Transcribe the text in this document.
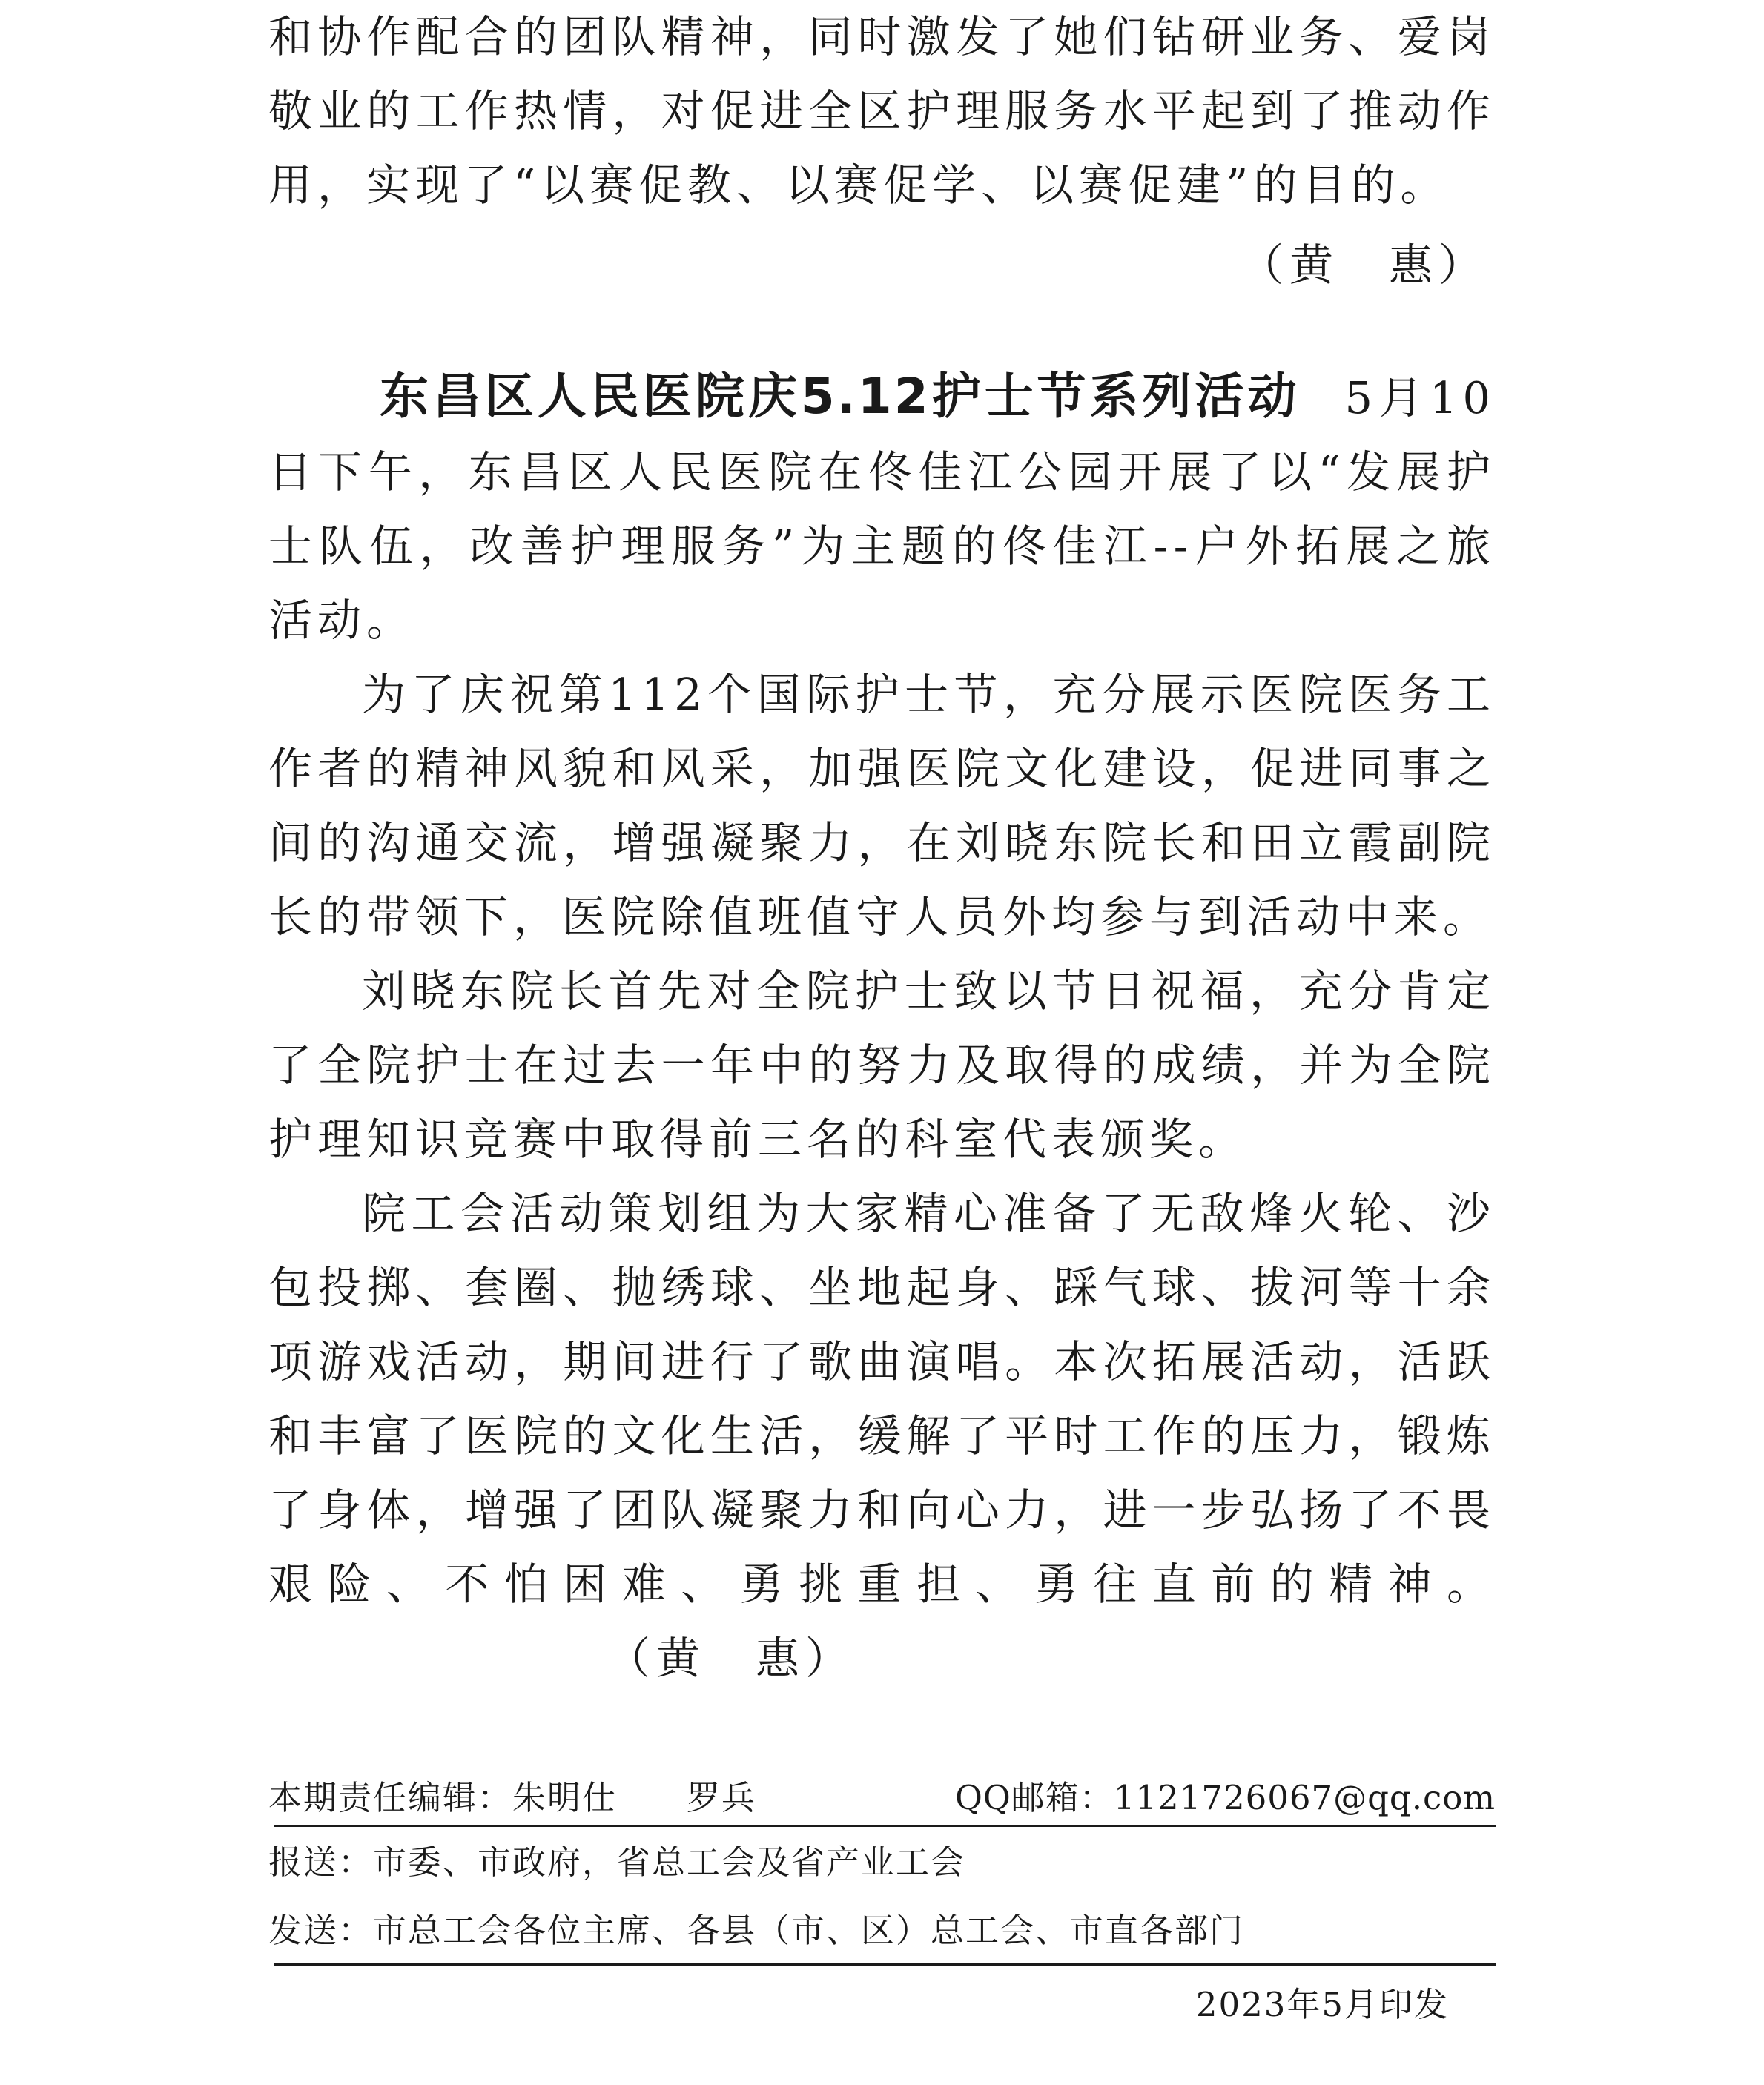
和协作配合的团队精神，同时激发了她们钻研业务、爱岗敬业的工作热情，对促进全区护理服务水平起到了推动作用，实现了“以赛促教、以赛促学、以赛促建”的目的。

（黄　惠）

东昌区人民医院庆5.12护士节系列活动 5月10日下午，东昌区人民医院在佟佳江公园开展了以“发展护士队伍，改善护理服务”为主题的佟佳江--户外拓展之旅活动。

为了庆祝第112个国际护士节，充分展示医院医务工作者的精神风貌和风采，加强医院文化建设，促进同事之间的沟通交流，增强凝聚力，在刘晓东院长和田立霞副院长的带领下，医院除值班值守人员外均参与到活动中来。

刘晓东院长首先对全院护士致以节日祝福，充分肯定了全院护士在过去一年中的努力及取得的成绩，并为全院护理知识竞赛中取得前三名的科室代表颁奖。

院工会活动策划组为大家精心准备了无敌烽火轮、沙包投掷、套圈、抛绣球、坐地起身、踩气球、拔河等十余项游戏活动，期间进行了歌曲演唱。本次拓展活动，活跃和丰富了医院的文化生活，缓解了平时工作的压力，锻炼了身体，增强了团队凝聚力和向心力，进一步弘扬了不畏艰险、不怕困难、勇挑重担、勇往直前的精神。（黄　惠）

本期责任编辑：朱明仕　　罗兵	QQ邮箱：1121726067@qq.com
报送：市委、市政府，省总工会及省产业工会
发送：市总工会各位主席、各县（市、区）总工会、市直各部门
2023年5月印发
